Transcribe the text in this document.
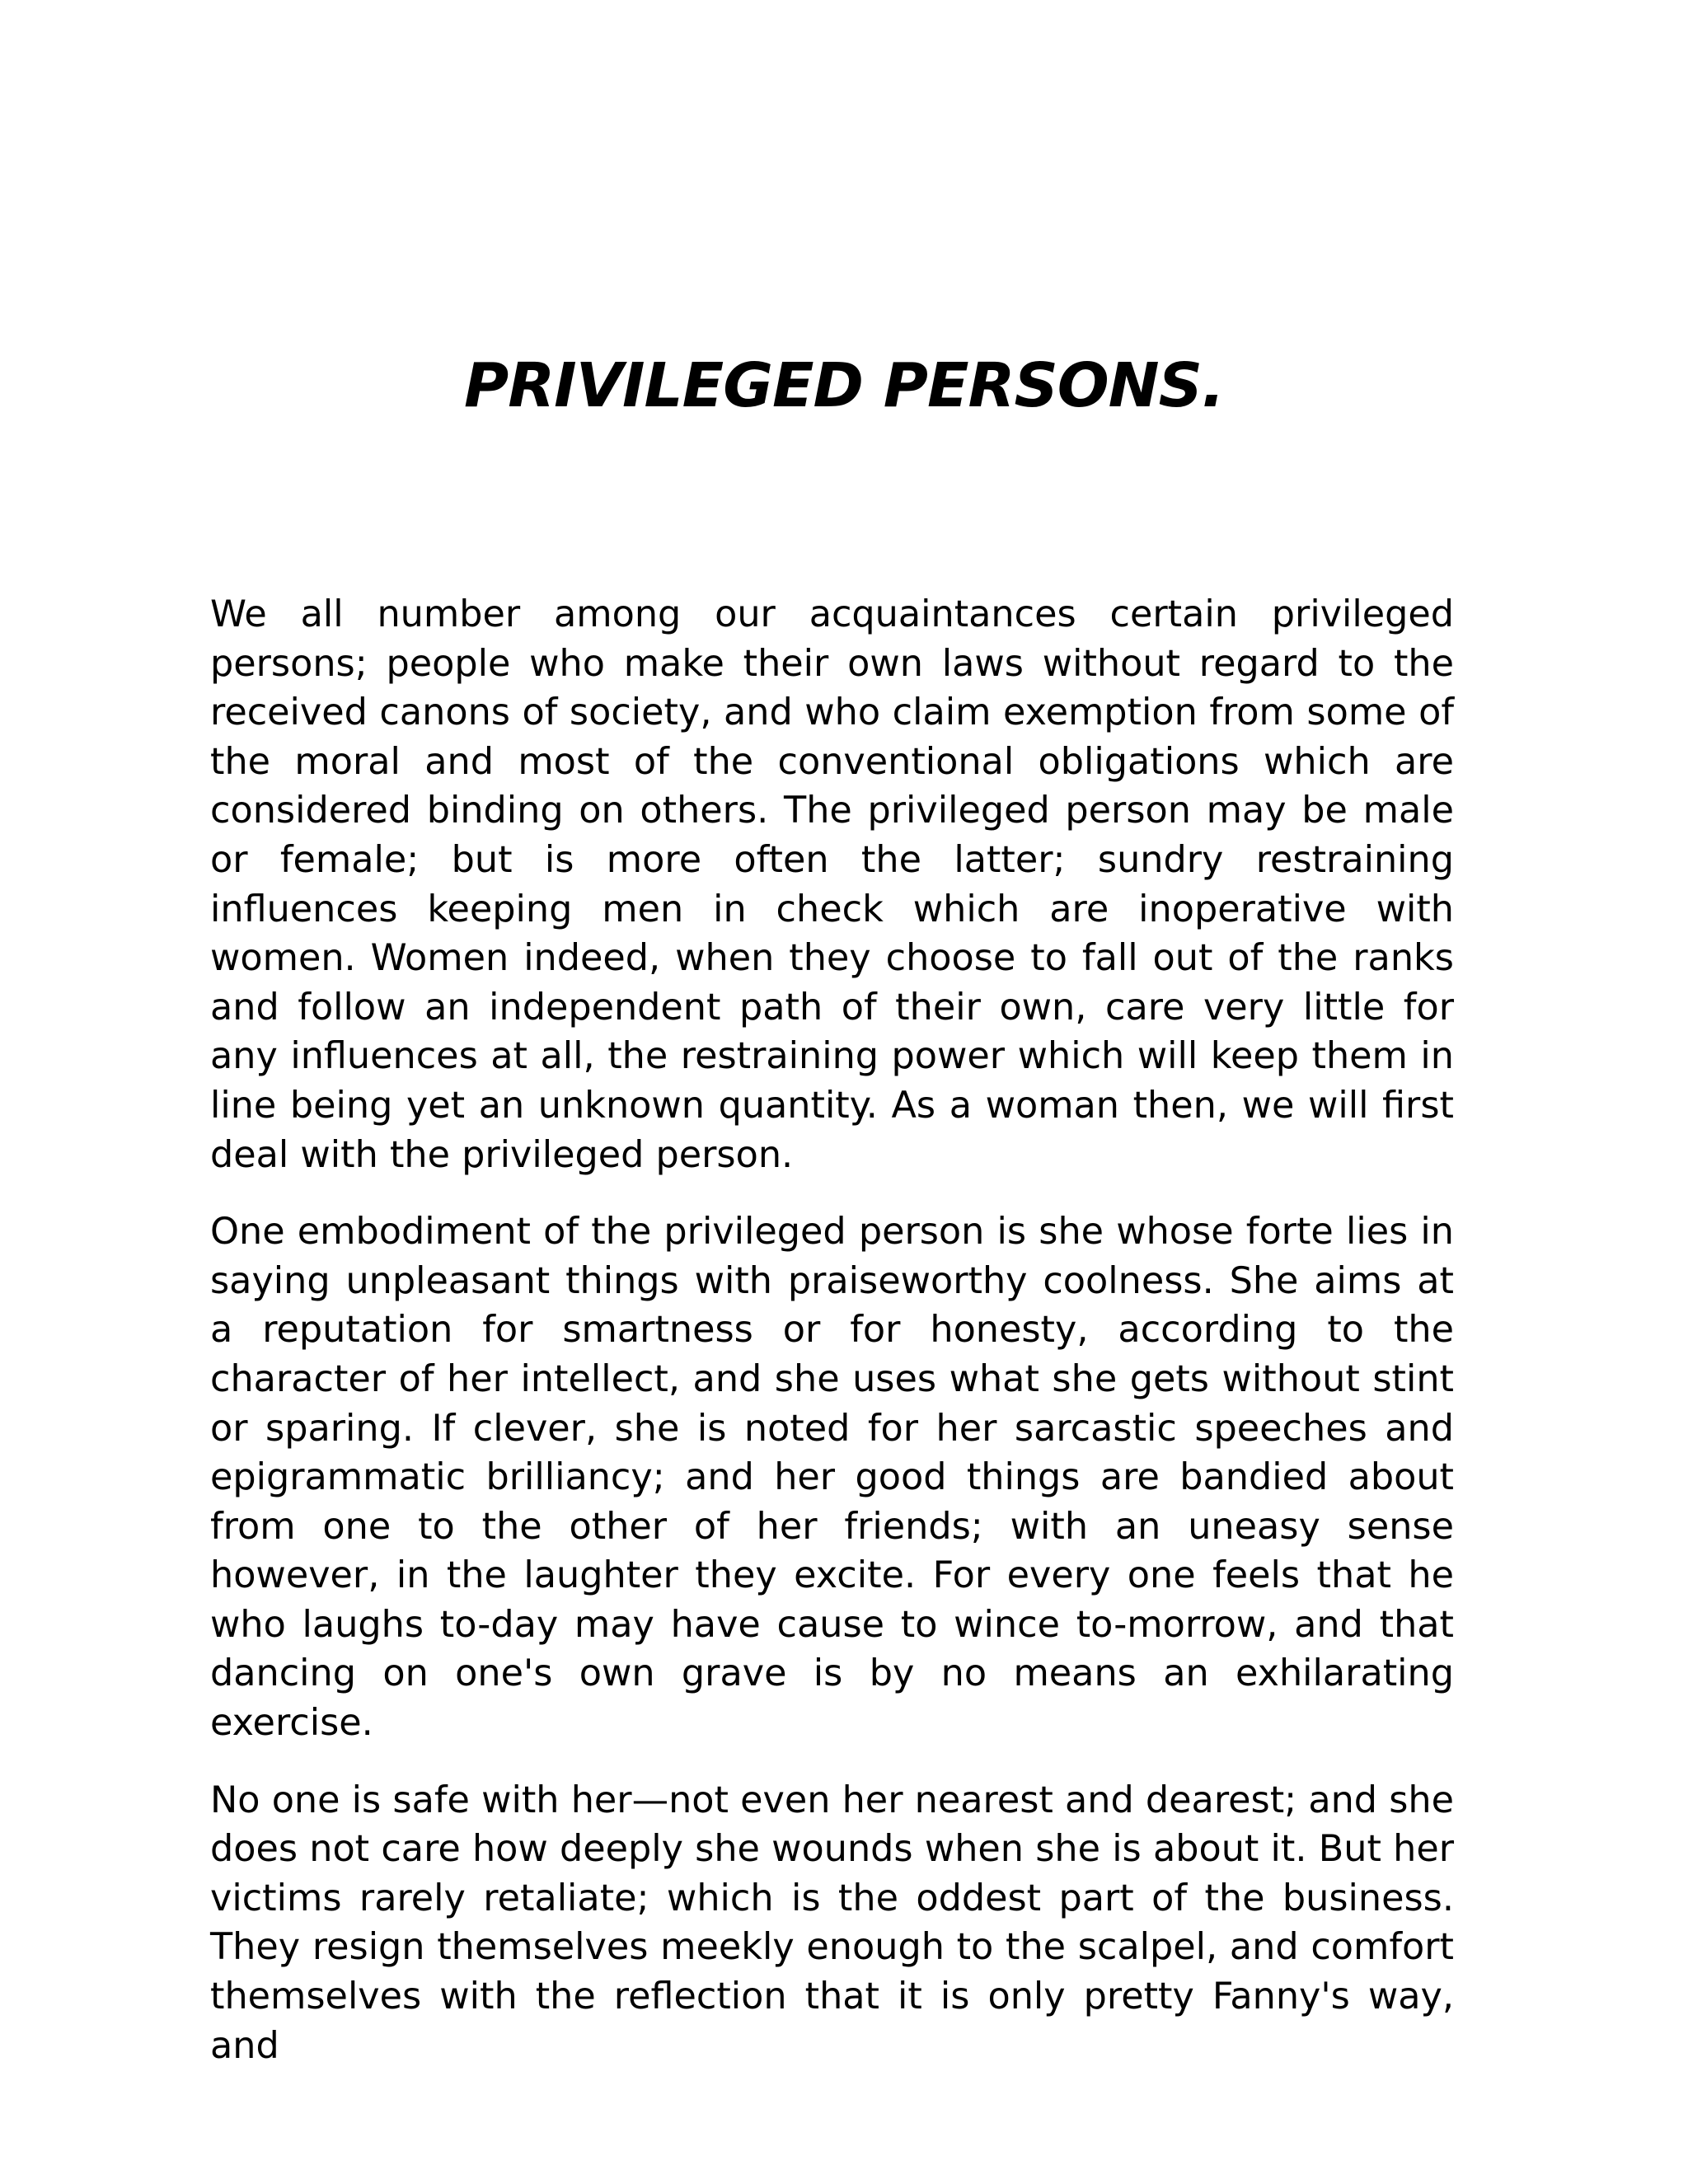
PRIVILEGED PERSONS.

We all number among our acquaintances certain privileged persons; people who make their own laws without regard to the received canons of society, and who claim exemption from some of the moral and most of the conventional obligations which are considered binding on others. The privileged person may be male or female; but is more often the latter; sundry restraining influences keeping men in check which are inoperative with women. Women indeed, when they choose to fall out of the ranks and follow an independent path of their own, care very little for any influences at all, the restraining power which will keep them in line being yet an unknown quantity. As a woman then, we will first deal with the privileged person.

One embodiment of the privileged person is she whose forte lies in saying unpleasant things with praiseworthy coolness. She aims at a reputation for smartness or for honesty, according to the character of her intellect, and she uses what she gets without stint or sparing. If clever, she is noted for her sarcastic speeches and epigrammatic brilliancy; and her good things are bandied about from one to the other of her friends; with an uneasy sense however, in the laughter they excite. For every one feels that he who laughs to-day may have cause to wince to-morrow, and that dancing on one's own grave is by no means an exhilarating exercise.

No one is safe with her—not even her nearest and dearest; and she does not care how deeply she wounds when she is about it. But her victims rarely retaliate; which is the oddest part of the business. They resign themselves meekly enough to the scalpel, and comfort themselves with the reflection that it is only pretty Fanny's way, and
